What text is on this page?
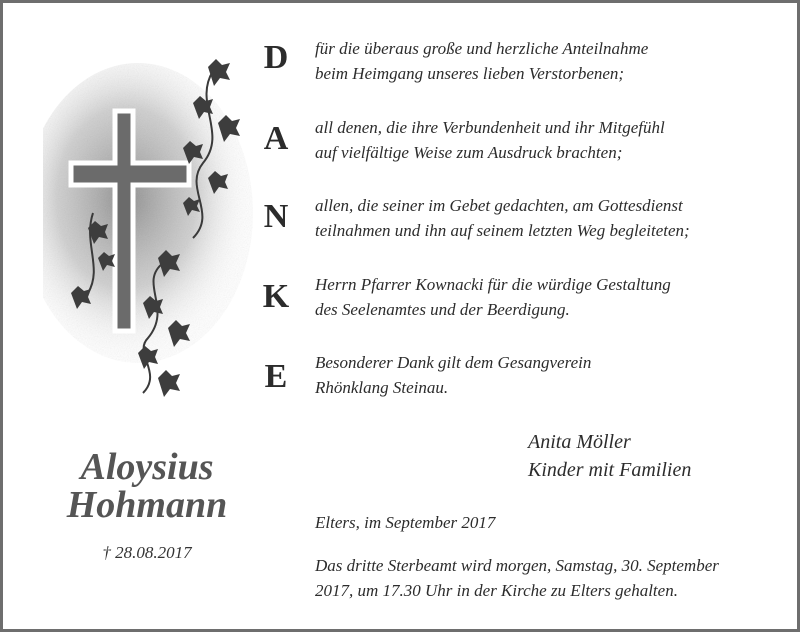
D
A
N
K
E
für die überaus große und herzliche Anteilnahme
beim Heimgang unseres lieben Verstorbenen;
all denen, die ihre Verbundenheit und ihr Mitgefühl
auf vielfältige Weise zum Ausdruck brachten;
allen, die seiner im Gebet gedachten, am Gottesdienst
teilnahmen und ihn auf seinem letzten Weg begleiteten;
Herrn Pfarrer Kownacki für die würdige Gestaltung
des Seelenamtes und der Beerdigung.
Besonderer Dank gilt dem Gesangverein
Rhönklang Steinau.
Aloysius
Hohmann
† 28.08.2017
Anita Möller
Kinder mit Familien
Elters, im September 2017
Das dritte Sterbeamt wird morgen, Samstag, 30. September
2017, um 17.30 Uhr in der Kirche zu Elters gehalten.
